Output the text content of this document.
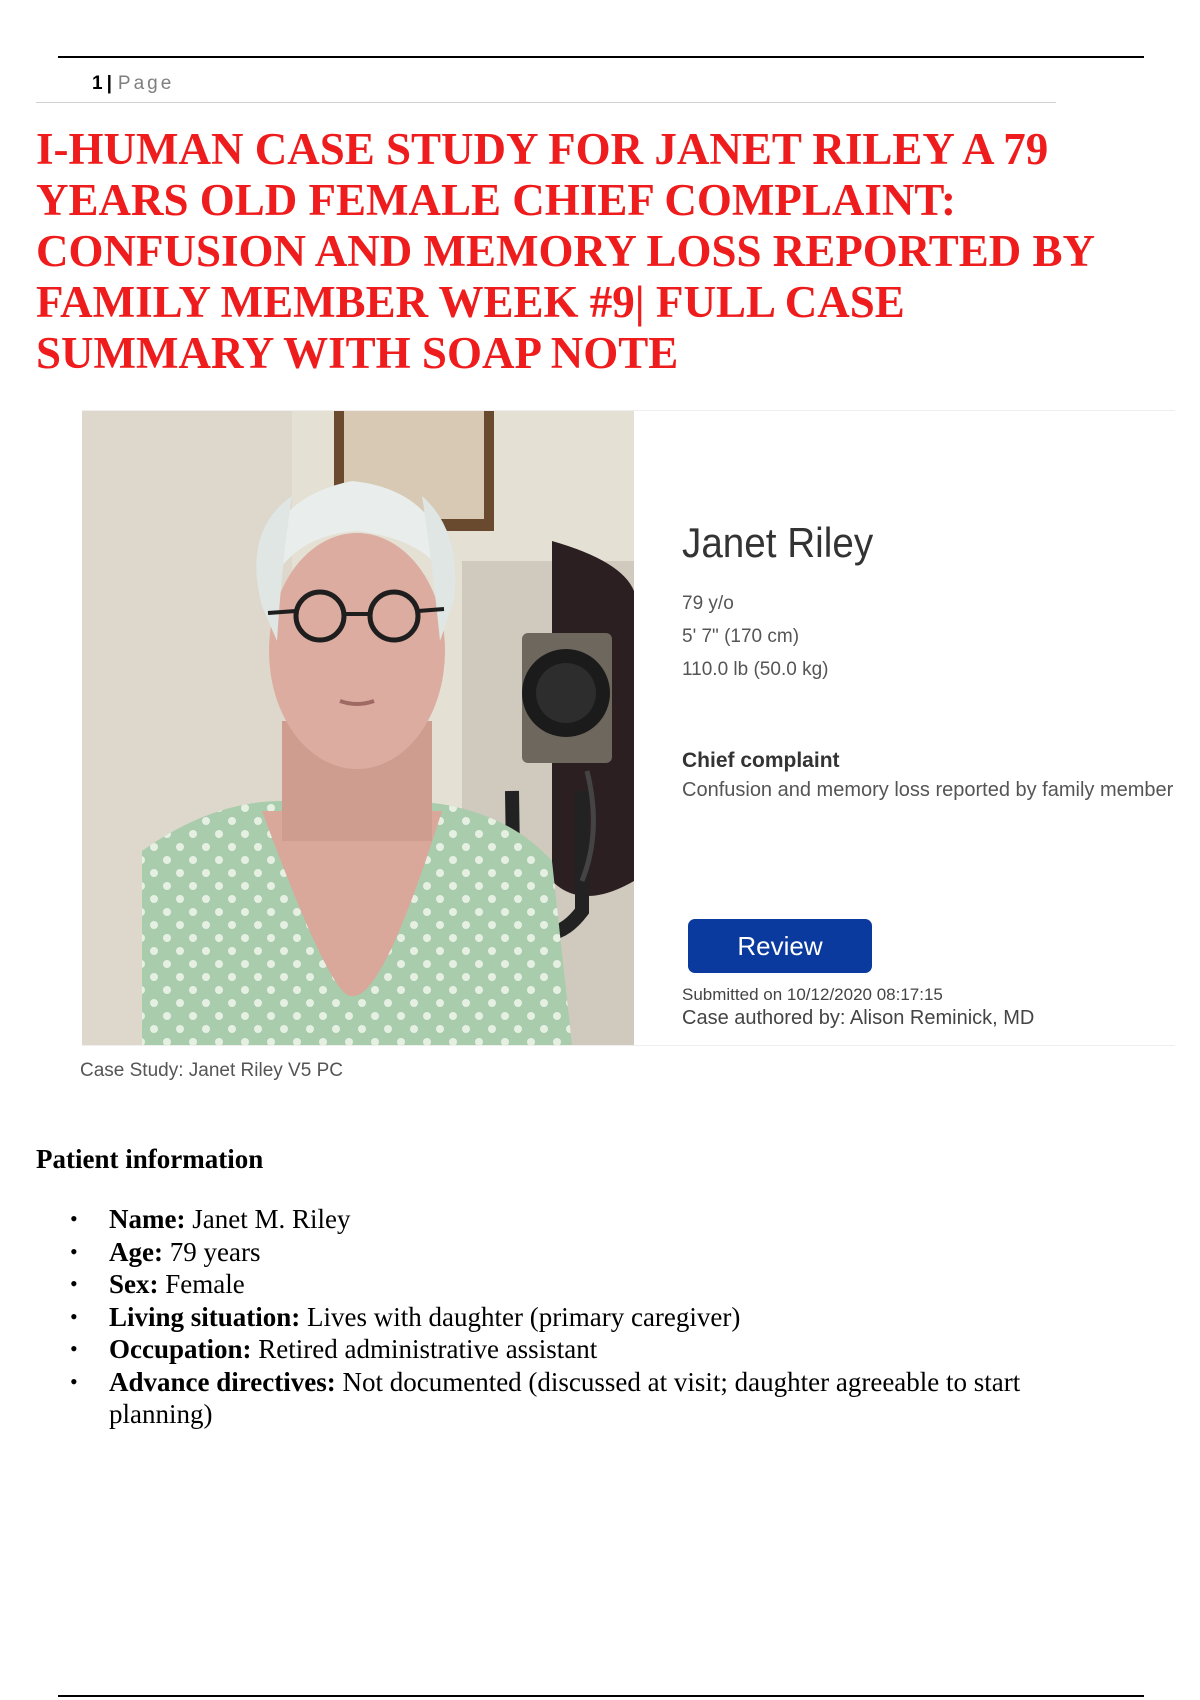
1 | Page
I-HUMAN CASE STUDY FOR JANET RILEY A 79 YEARS OLD FEMALE CHIEF COMPLAINT: CONFUSION AND MEMORY LOSS REPORTED BY FAMILY MEMBER WEEK #9| FULL CASE SUMMARY WITH SOAP NOTE
Janet Riley
79 y/o
5' 7" (170 cm)
110.0 lb (50.0 kg)
Chief complaint
Confusion and memory loss reported by family member
Review
Submitted on 10/12/2020 08:17:15
Case authored by: Alison Reminick, MD
Case Study: Janet Riley V5 PC
Patient information
• Name: Janet M. Riley
• Age: 79 years
• Sex: Female
• Living situation: Lives with daughter (primary caregiver)
• Occupation: Retired administrative assistant
• Advance directives: Not documented (discussed at visit; daughter agreeable to start planning)
